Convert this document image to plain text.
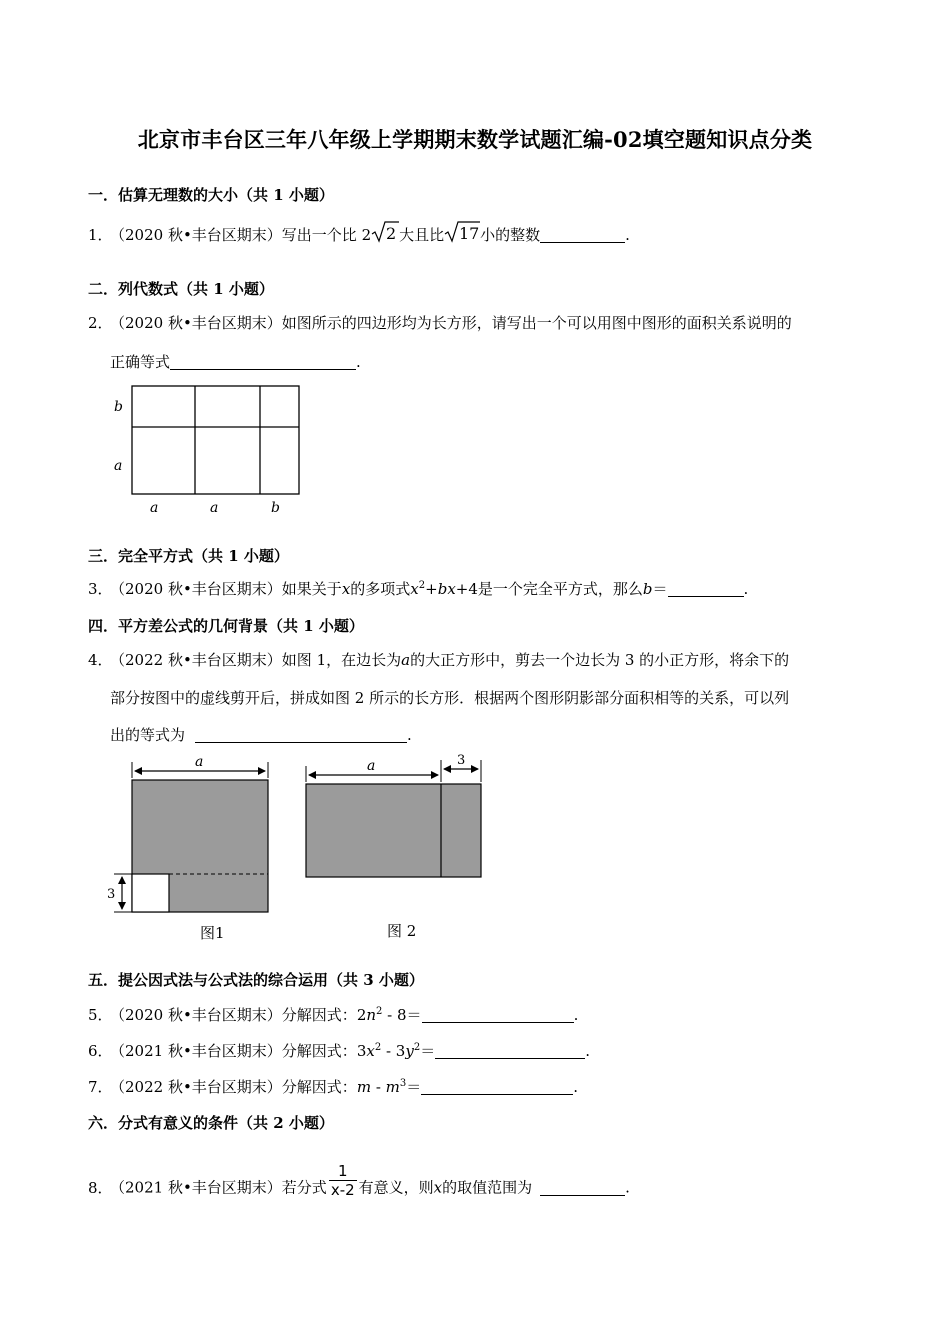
北京市丰台区三年八年级上学期期末数学试题汇编-02填空题知识点分类
一．估算无理数的大小（共 1 小题）
1．（2020 秋•丰台区期末）写出一个比 2 2 大且比 17 小的整数	.
二．列代数式（共 1 小题）
2．（2020 秋•丰台区期末）如图所示的四边形均为长方形，请写出一个可以用图中图形的面积关系说明的
正确等式	.
b
a
a	a	b
三．完全平方式（共 1 小题）
3．（2020 秋•丰台区期末）如果关于x的多项式$x^2+bx+4$是一个完全平方式，那么b＝	.
四．平方差公式的几何背景（共 1 小题）
4．（2022 秋•丰台区期末）如图 1，在边长为a的大正方形中，剪去一个边长为 3 的小正方形，将余下的
部分按图中的虚线剪开后，拼成如图 2 所示的长方形．根据两个图形阴影部分面积相等的关系，可以列
出的等式为	.
a
3
图1
a	3
图 2
五．提公因式法与公式法的综合运用（共 3 小题）
5．（2020 秋•丰台区期末）分解因式：$2n^2 - 8=$	.
6．（2021 秋•丰台区期末）分解因式：$3x^2 - 3y^2=$	.
7．（2022 秋•丰台区期末）分解因式：$m - m^3=$	.
六．分式有意义的条件（共 2 小题）
8．（2021 秋•丰台区期末）若分式 $\frac{1}{x-2}$ 有意义，则x的取值范围为	.
